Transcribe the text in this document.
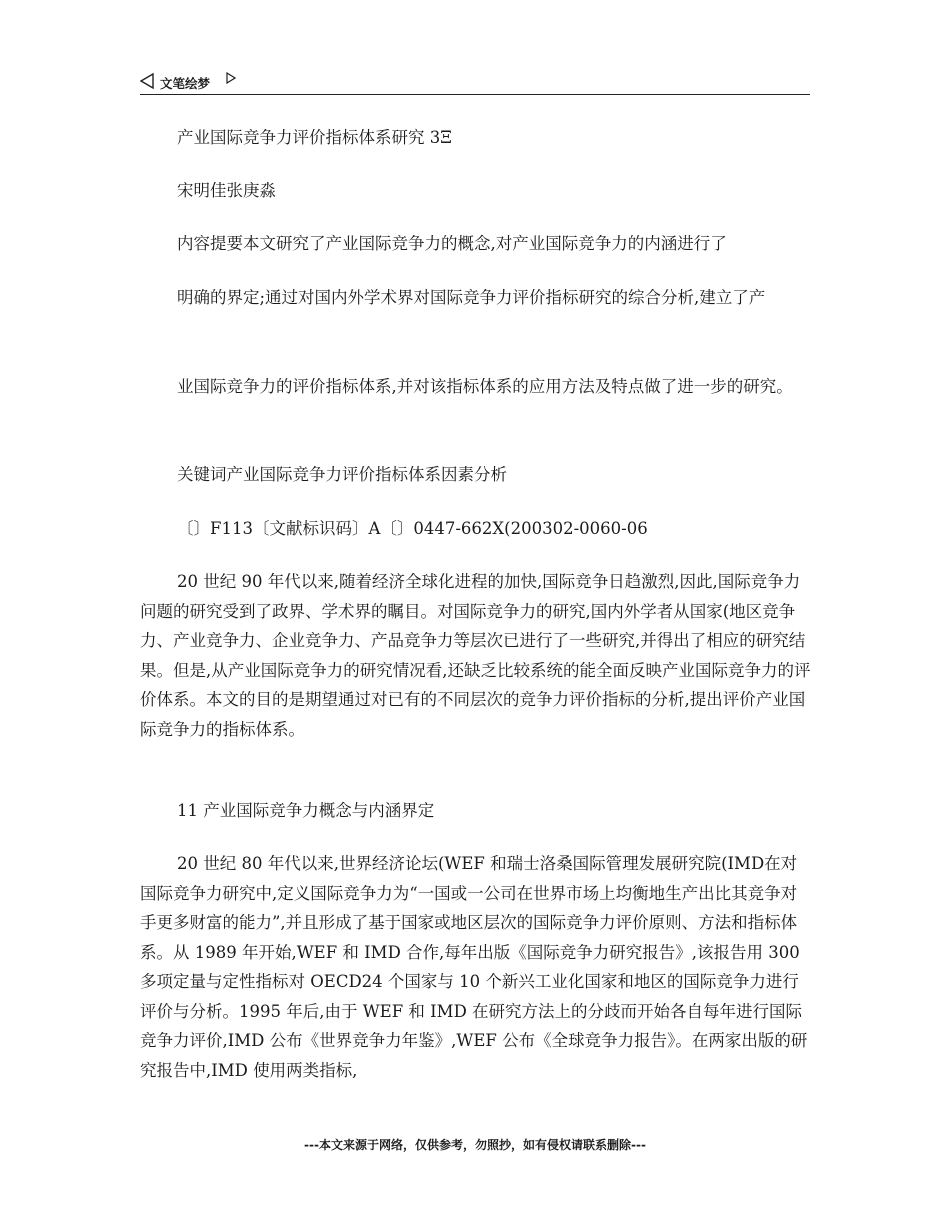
文笔绘梦

产业国际竞争力评价指标体系研究 3Ξ

宋明佳张庚淼

内容提要本文研究了产业国际竞争力的概念,对产业国际竞争力的内涵进行了

明确的界定;通过对国内外学术界对国际竞争力评价指标研究的综合分析,建立了产

业国际竞争力的评价指标体系,并对该指标体系的应用方法及特点做了进一步的研究。

关键词产业国际竞争力评价指标体系因素分析

〔〕F113〔文献标识码〕A〔〕0447-662X(200302-0060-06

20 世纪 90 年代以来,随着经济全球化进程的加快,国际竞争日趋激烈,因此,国际竞争力问题的研究受到了政界、学术界的瞩目。对国际竞争力的研究,国内外学者从国家(地区竞争力、产业竞争力、企业竞争力、产品竞争力等层次已进行了一些研究,并得出了相应的研究结果。但是,从产业国际竞争力的研究情况看,还缺乏比较系统的能全面反映产业国际竞争力的评价体系。本文的目的是期望通过对已有的不同层次的竞争力评价指标的分析,提出评价产业国际竞争力的指标体系。

11 产业国际竞争力概念与内涵界定

20 世纪 80 年代以来,世界经济论坛(WEF 和瑞士洛桑国际管理发展研究院(IMD在对国际竞争力研究中,定义国际竞争力为“一国或一公司在世界市场上均衡地生产出比其竞争对手更多财富的能力”,并且形成了基于国家或地区层次的国际竞争力评价原则、方法和指标体系。从 1989 年开始,WEF 和 IMD 合作,每年出版《国际竞争力研究报告》,该报告用 300 多项定量与定性指标对 OECD24 个国家与 10 个新兴工业化国家和地区的国际竞争力进行评价与分析。1995 年后,由于 WEF 和 IMD 在研究方法上的分歧而开始各自每年进行国际竞争力评价,IMD 公布《世界竞争力年鉴》,WEF 公布《全球竞争力报告》。在两家出版的研究报告中,IMD 使用两类指标,

---本文来源于网络，仅供参考，勿照抄，如有侵权请联系删除---
